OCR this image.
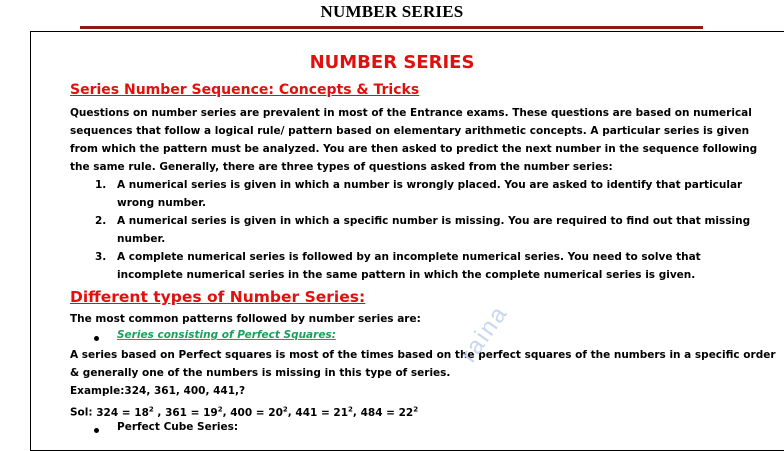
NUMBER SERIES
NUMBER SERIES
Series Number Sequence: Concepts & Tricks
Questions on number series are prevalent in most of the Entrance exams. These questions are based on numerical
sequences that follow a logical rule/ pattern based on elementary arithmetic concepts. A particular series is given
from which the pattern must be analyzed. You are then asked to predict the next number in the sequence following
the same rule. Generally, there are three types of questions asked from the number series:
1. A numerical series is given in which a number is wrongly placed. You are asked to identify that particular
wrong number.
2. A numerical series is given in which a specific number is missing. You are required to find out that missing
number.
3. A complete numerical series is followed by an incomplete numerical series. You need to solve that
incomplete numerical series in the same pattern in which the complete numerical series is given.
Different types of Number Series:
The most common patterns followed by number series are:
Series consisting of Perfect Squares:
A series based on Perfect squares is most of the times based on the perfect squares of the numbers in a specific order
& generally one of the numbers is missing in this type of series.
Example:324, 361, 400, 441,?
Sol: $324 = 18^2$ , $361 = 19^2$, $400 = 20^2$, $441 = 21^2$, $484 = 22^2$
Perfect Cube Series:
raina
